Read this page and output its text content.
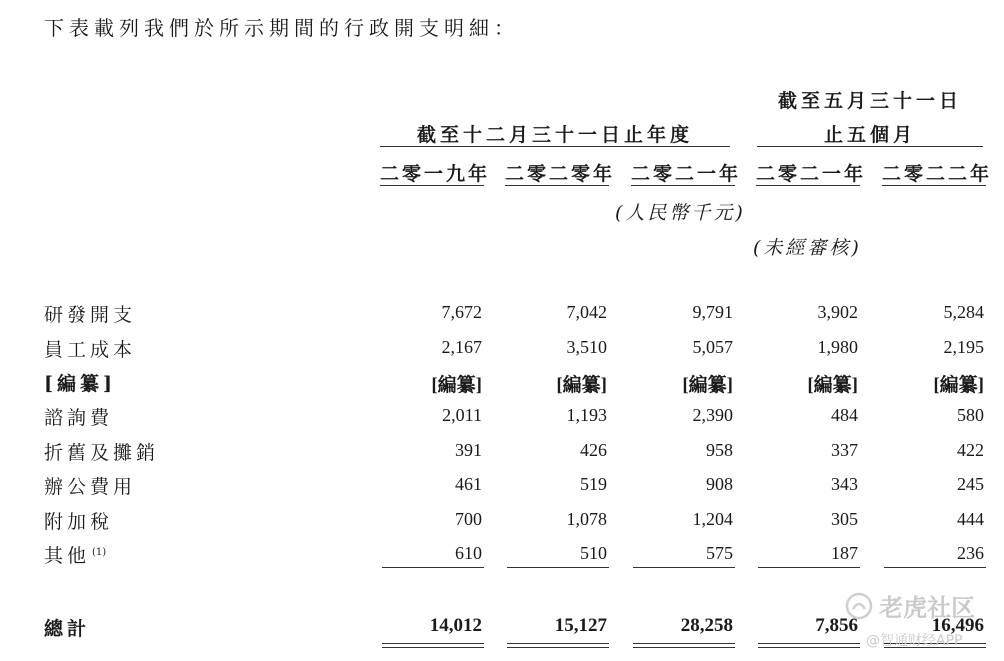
下表載列我們於所示期間的行政開支明細：
截至五月三十一日
截至十二月三十一日止年度	止五個月
二零一九年 二零二零年 二零二一年 二零二一年 二零二二年
(人民幣千元)
(未經審核)
研發開支	7,672	7,042	9,791	3,902	5,284
員工成本	2,167	3,510	5,057	1,980	2,195
[編纂]	[編纂]	[編纂]	[編纂]	[編纂]	[編纂]
諮詢費	2,011	1,193	2,390	484	580
折舊及攤銷	391	426	958	337	422
辦公費用	461	519	908	343	245
附加稅	700	1,078	1,204	305	444
其他 $^{(1)}$	610	510	575	187	236
總計	14,012	15,127	28,258	7,856	16,496
老虎社区
@智通财经APP
